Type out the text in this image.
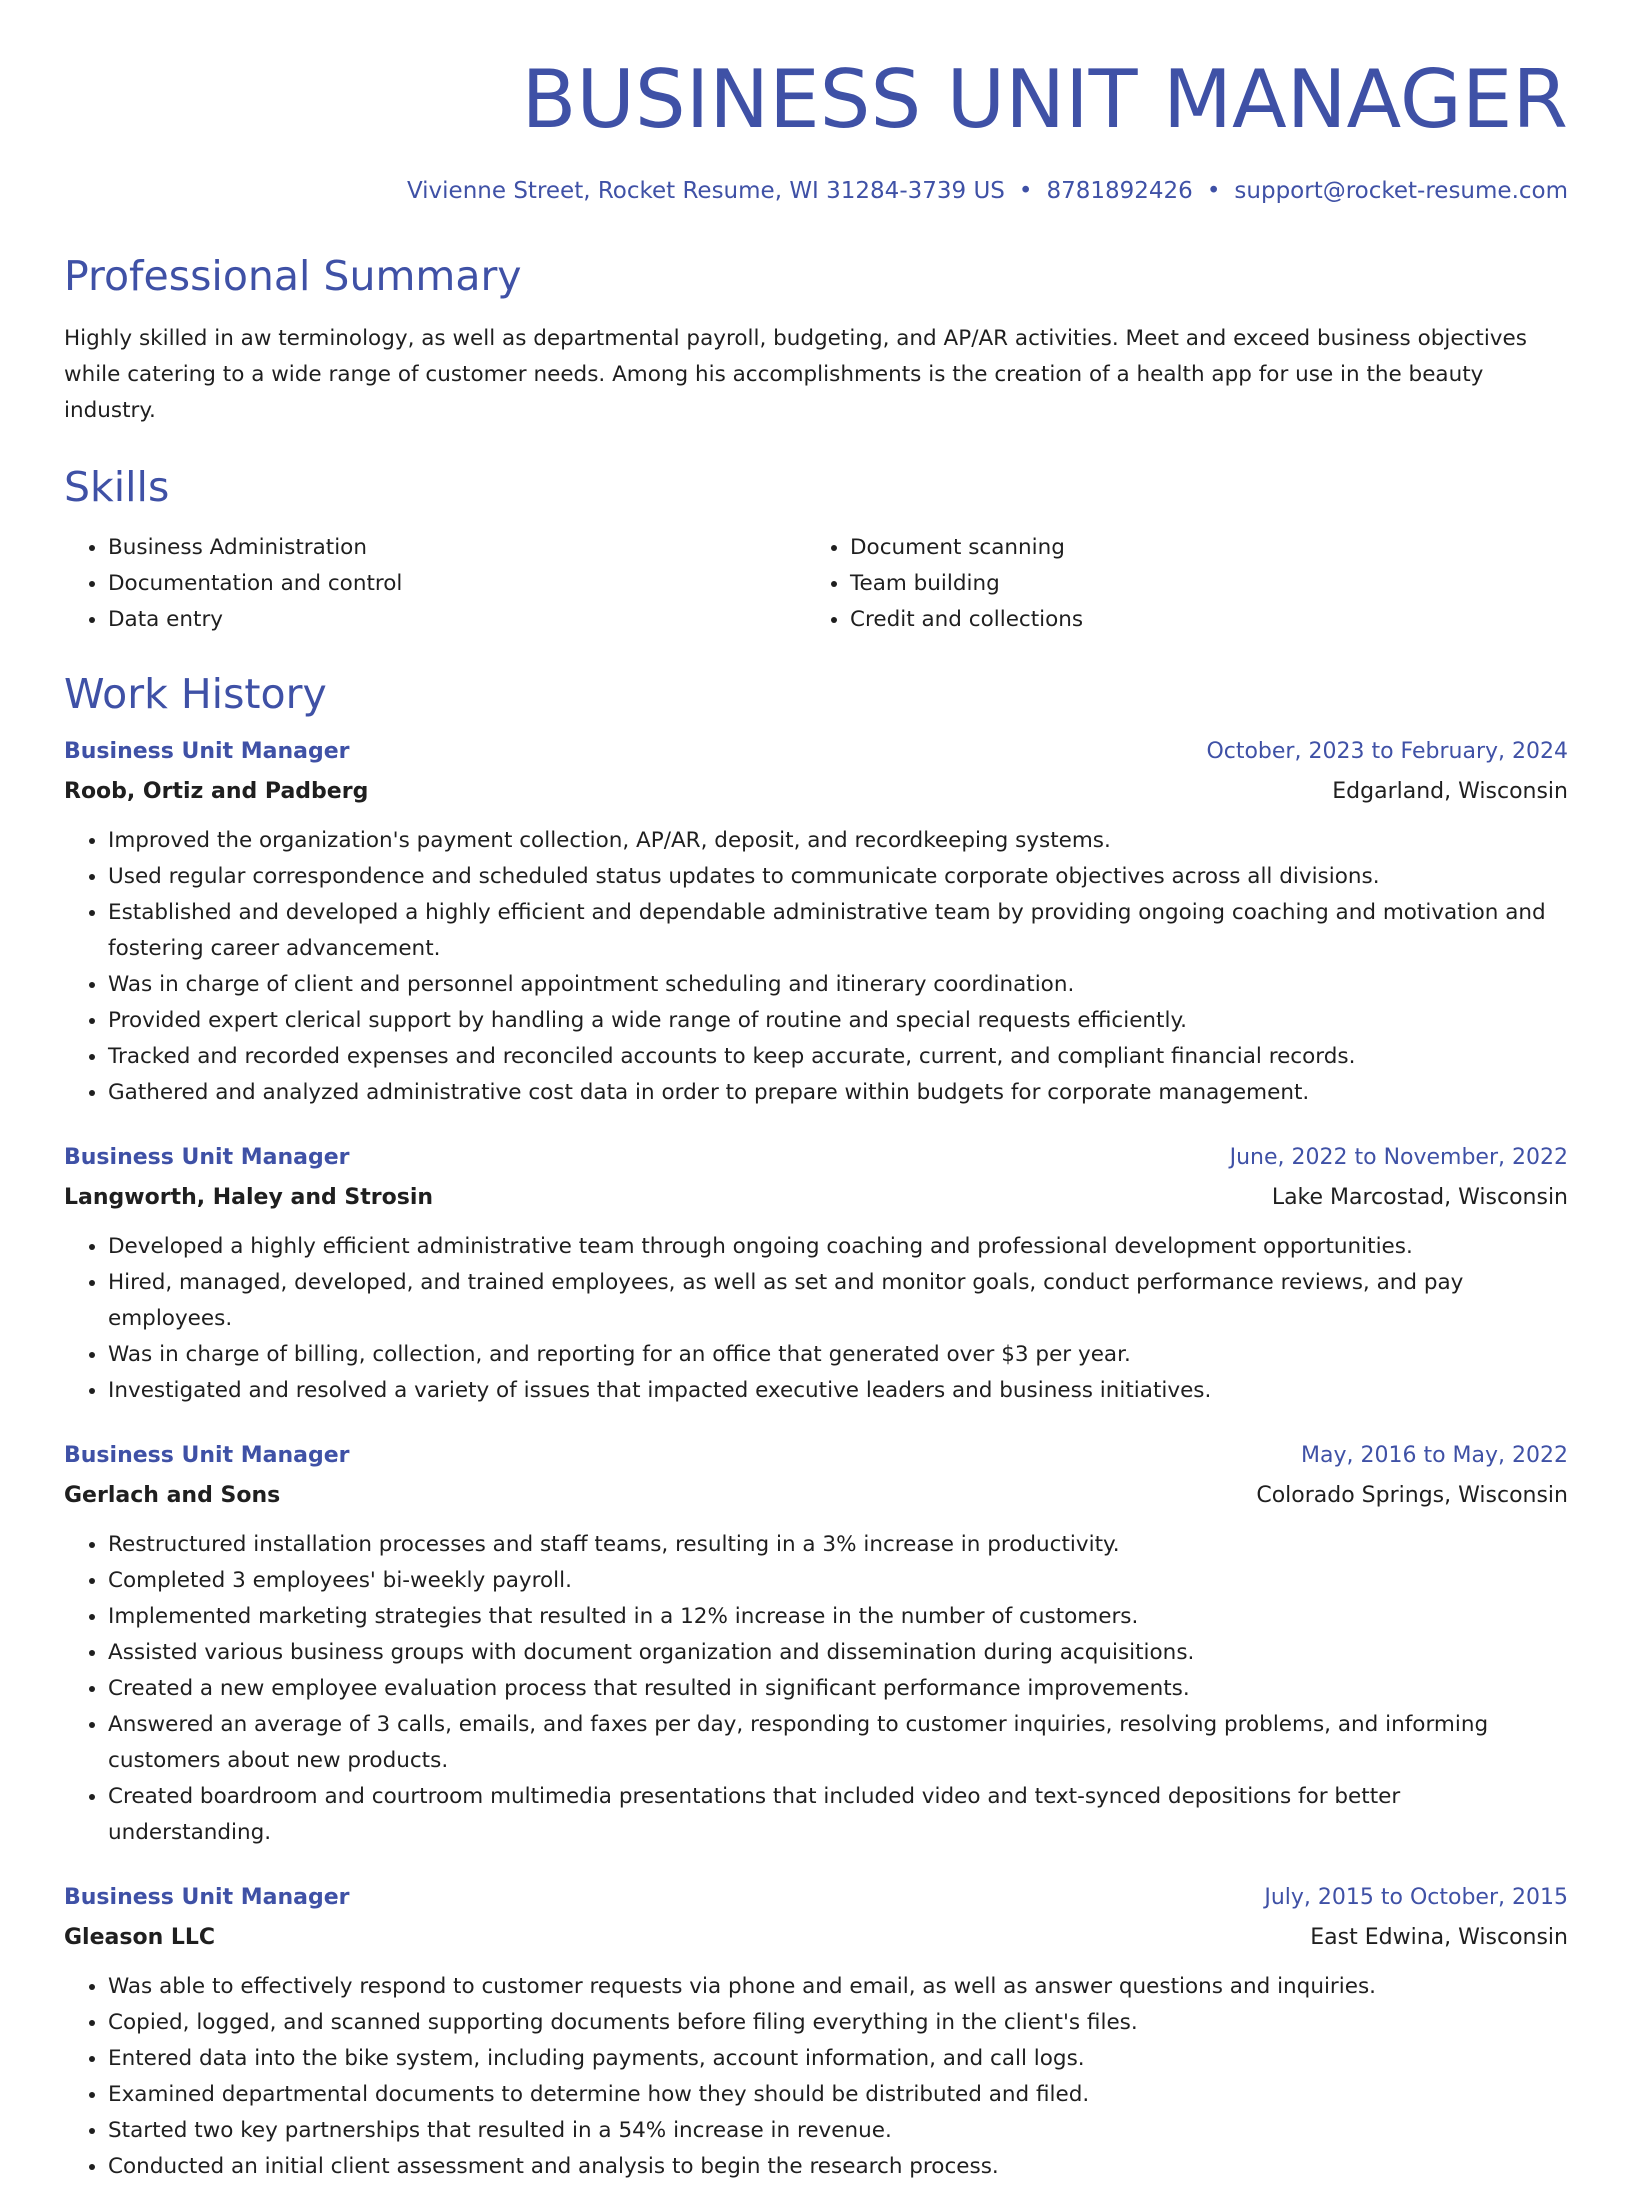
BUSINESS UNIT MANAGER
Vivienne Street, Rocket Resume, WI 31284-3739 US • 8781892426 • support@rocket-resume.com
Professional Summary
Highly skilled in aw terminology, as well as departmental payroll, budgeting, and AP/AR activities. Meet and exceed business objectives while catering to a wide range of customer needs. Among his accomplishments is the creation of a health app for use in the beauty industry.
Skills
• Business Administration
• Documentation and control
• Data entry
• Document scanning
• Team building
• Credit and collections
Work History
Business Unit Manager	October, 2023 to February, 2024
Roob, Ortiz and Padberg	Edgarland, Wisconsin
• Improved the organization's payment collection, AP/AR, deposit, and recordkeeping systems.
• Used regular correspondence and scheduled status updates to communicate corporate objectives across all divisions.
• Established and developed a highly efficient and dependable administrative team by providing ongoing coaching and motivation and fostering career advancement.
• Was in charge of client and personnel appointment scheduling and itinerary coordination.
• Provided expert clerical support by handling a wide range of routine and special requests efficiently.
• Tracked and recorded expenses and reconciled accounts to keep accurate, current, and compliant financial records.
• Gathered and analyzed administrative cost data in order to prepare within budgets for corporate management.
Business Unit Manager	June, 2022 to November, 2022
Langworth, Haley and Strosin	Lake Marcostad, Wisconsin
• Developed a highly efficient administrative team through ongoing coaching and professional development opportunities.
• Hired, managed, developed, and trained employees, as well as set and monitor goals, conduct performance reviews, and pay employees.
• Was in charge of billing, collection, and reporting for an office that generated over $3 per year.
• Investigated and resolved a variety of issues that impacted executive leaders and business initiatives.
Business Unit Manager	May, 2016 to May, 2022
Gerlach and Sons	Colorado Springs, Wisconsin
• Restructured installation processes and staff teams, resulting in a 3% increase in productivity.
• Completed 3 employees' bi-weekly payroll.
• Implemented marketing strategies that resulted in a 12% increase in the number of customers.
• Assisted various business groups with document organization and dissemination during acquisitions.
• Created a new employee evaluation process that resulted in significant performance improvements.
• Answered an average of 3 calls, emails, and faxes per day, responding to customer inquiries, resolving problems, and informing customers about new products.
• Created boardroom and courtroom multimedia presentations that included video and text-synced depositions for better understanding.
Business Unit Manager	July, 2015 to October, 2015
Gleason LLC	East Edwina, Wisconsin
• Was able to effectively respond to customer requests via phone and email, as well as answer questions and inquiries.
• Copied, logged, and scanned supporting documents before filing everything in the client's files.
• Entered data into the bike system, including payments, account information, and call logs.
• Examined departmental documents to determine how they should be distributed and filed.
• Started two key partnerships that resulted in a 54% increase in revenue.
• Conducted an initial client assessment and analysis to begin the research process.
